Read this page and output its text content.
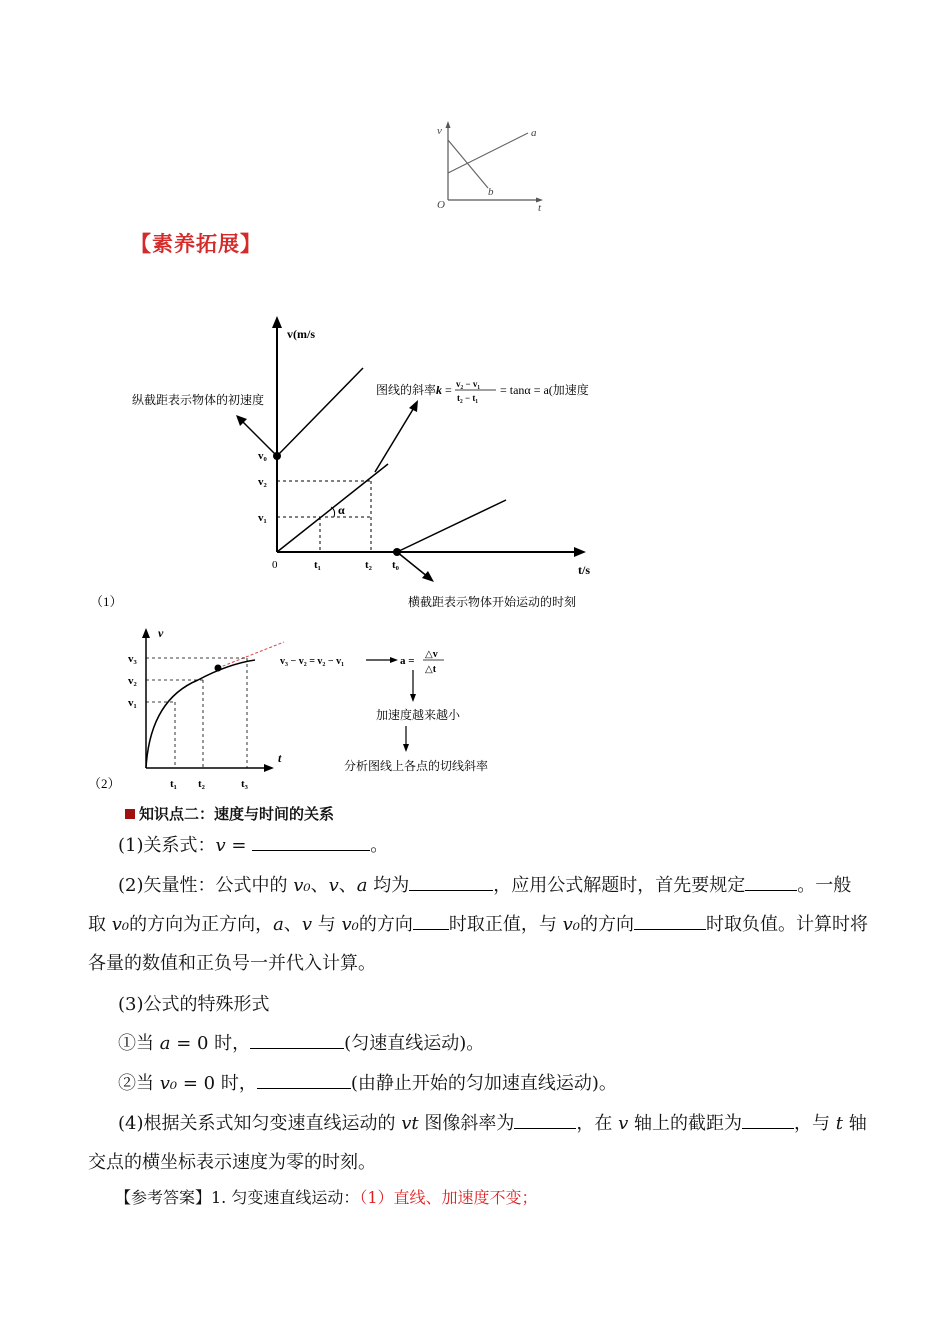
v	a
b
O	t
【素养拓展】
α
v(m/s
t/s
v₀
v₂
v₁
0	t₁	t₂ t₀
纵截距表示物体的初速度
图线的斜率 k = v₂ − v₁
t₂ − t₁
= tanα = a(加速度
横截距表示物体开始运动的时刻
（1）
v
t
v₃
v₂
v₁
t₁ t₂	t₃
（2）
v₃ − v₂ = v₂ − v₁	a =
△v
△t
加速度越来越小
分析图线上各点的切线斜率
知识点二：速度与时间的关系
(1)关系式：v =	。
(2)矢量性：公式中的 v₀、v、a 均为	，应用公式解题时，首先要规定	。一般取 v₀的方向为正方向，a、v 与 v₀的方向 时取正值，与 v₀的方向	时取负值。计算时将各量的数值和正负号一并代入计算。
(3)公式的特殊形式
①当 a = 0 时，	(匀速直线运动)。
②当 v₀ = 0 时，	(由静止开始的匀加速直线运动)。
(4)根据关系式知匀变速直线运动的 vt 图像斜率为	，在 v 轴上的截距为	，与 t 轴交点的横坐标表示速度为零的时刻。
【参考答案】1. 匀变速直线运动：（1）直线、加速度不变；
